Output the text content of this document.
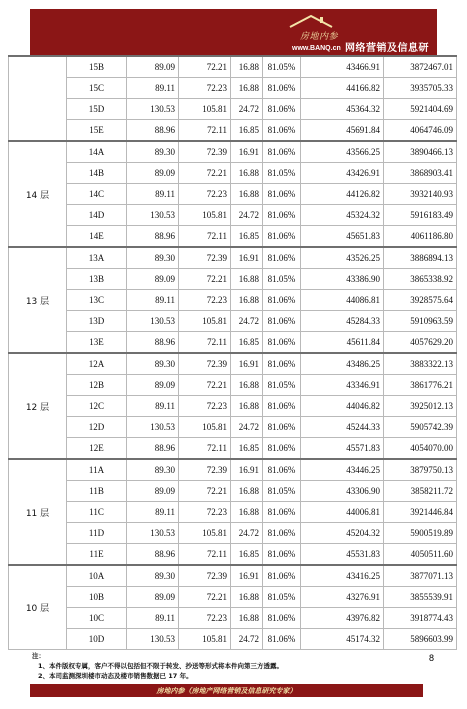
房地内参
www.BANQ.cn 网络营销及信息研
	15B	89.09	72.21	16.88	81.05%	43466.91	3872467.01
	15C	89.11	72.23	16.88	81.06%	44166.82	3935705.33
	15D	130.53	105.81	24.72	81.06%	45364.32	5921404.69
	15E	88.96	72.11	16.85	81.06%	45691.84	4064746.09
14 层	14A	89.30	72.39	16.91	81.06%	43566.25	3890466.13
	14B	89.09	72.21	16.88	81.05%	43426.91	3868903.41
	14C	89.11	72.23	16.88	81.06%	44126.82	3932140.93
	14D	130.53	105.81	24.72	81.06%	45324.32	5916183.49
	14E	88.96	72.11	16.85	81.06%	45651.83	4061186.80
13 层	13A	89.30	72.39	16.91	81.06%	43526.25	3886894.13
	13B	89.09	72.21	16.88	81.05%	43386.90	3865338.92
	13C	89.11	72.23	16.88	81.06%	44086.81	3928575.64
	13D	130.53	105.81	24.72	81.06%	45284.33	5910963.59
	13E	88.96	72.11	16.85	81.06%	45611.84	4057629.20
12 层	12A	89.30	72.39	16.91	81.06%	43486.25	3883322.13
	12B	89.09	72.21	16.88	81.05%	43346.91	3861776.21
	12C	89.11	72.23	16.88	81.06%	44046.82	3925012.13
	12D	130.53	105.81	24.72	81.06%	45244.33	5905742.39
	12E	88.96	72.11	16.85	81.06%	45571.83	4054070.00
11 层	11A	89.30	72.39	16.91	81.06%	43446.25	3879750.13
	11B	89.09	72.21	16.88	81.05%	43306.90	3858211.72
	11C	89.11	72.23	16.88	81.06%	44006.81	3921446.84
	11D	130.53	105.81	24.72	81.06%	45204.32	5900519.89
	11E	88.96	72.11	16.85	81.06%	45531.83	4050511.60
10 层	10A	89.30	72.39	16.91	81.06%	43416.25	3877071.13
	10B	89.09	72.21	16.88	81.05%	43276.91	3855539.91
	10C	89.11	72.23	16.88	81.06%	43976.82	3918774.43
	10D	130.53	105.81	24.72	81.06%	45174.32	5896603.99
注：
1、本件版权专属，客户不得以包括但不限于转发、抄送等形式将本件向第三方透露。
2、本司监测深圳楼市动态及楼市销售数据已 17 年。
8
房地内参（房地产网络营销及信息研究专家）
